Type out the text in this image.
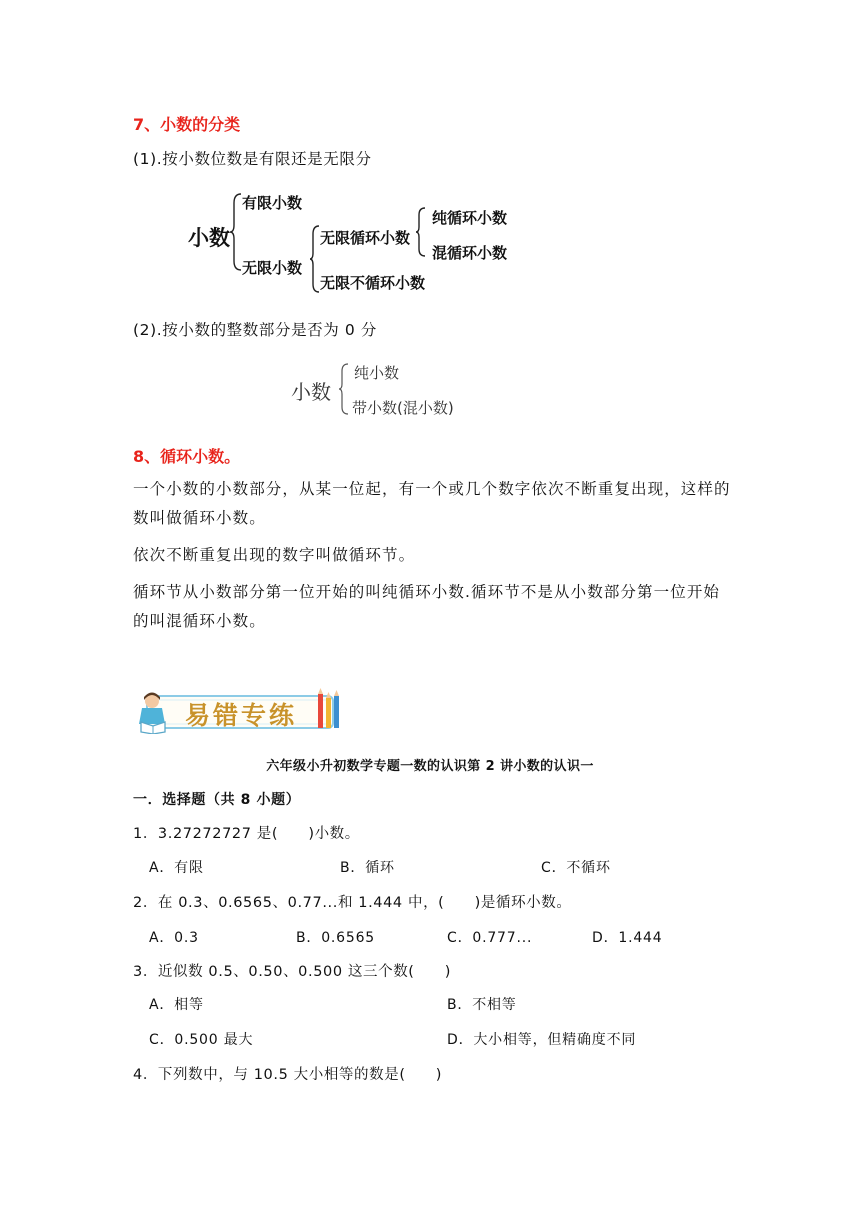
7、小数的分类
(1).按小数位数是有限还是无限分
小数
有限小数
无限小数
无限循环小数
无限不循环小数
纯循环小数
混循环小数
(2).按小数的整数部分是否为 0 分
小数
纯小数
带小数(混小数)
8、循环小数。
一个小数的小数部分，从某一位起，有一个或几个数字依次不断重复出现，这样的数叫做循环小数。
依次不断重复出现的数字叫做循环节。
循环节从小数部分第一位开始的叫纯循环小数.循环节不是从小数部分第一位开始的叫混循环小数。
易错专练
六年级小升初数学专题一数的认识第 2 讲小数的认识一
一．选择题（共 8 小题）
1．3.27272727 是(　　)小数。
A．有限	B．循环	C．不循环
2．在 0.3、0.6565、0.77...和 1.444 中，(　　)是循环小数。
A．0.3	B．0.6565	C．0.777...	D．1.444
3．近似数 0.5、0.50、0.500 这三个数(　　)
A．相等	B．不相等
C．0.500 最大	D．大小相等，但精确度不同
4．下列数中，与 10.5 大小相等的数是(　　)
